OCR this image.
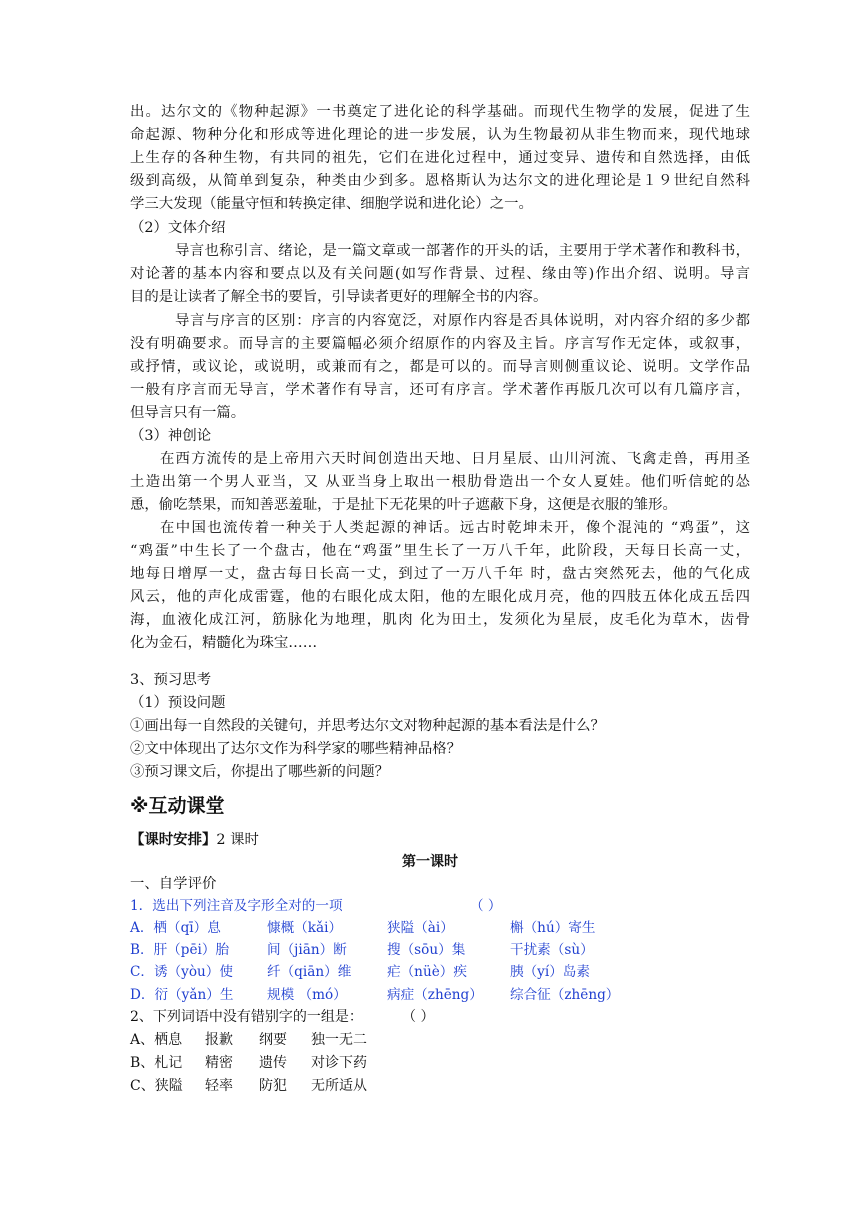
出。达尔文的《物种起源》一书奠定了进化论的科学基础。而现代生物学的发展，促进了生
命起源、物种分化和形成等进化理论的进一步发展，认为生物最初从非生物而来，现代地球
上生存的各种生物，有共同的祖先，它们在进化过程中，通过变异、遗传和自然选择，由低
级到高级，从简单到复杂，种类由少到多。恩格斯认为达尔文的进化理论是１９世纪自然科
学三大发现（能量守恒和转换定律、细胞学说和进化论）之一。
（2）文体介绍
导言也称引言、绪论，是一篇文章或一部著作的开头的话，主要用于学术著作和教科书，
对论著的基本内容和要点以及有关问题(如写作背景、过程、缘由等)作出介绍、说明。导言
目的是让读者了解全书的要旨，引导读者更好的理解全书的内容。
导言与序言的区别：序言的内容宽泛，对原作内容是否具体说明，对内容介绍的多少都
没有明确要求。而导言的主要篇幅必须介绍原作的内容及主旨。序言写作无定体，或叙事，
或抒情，或议论，或说明，或兼而有之，都是可以的。而导言则侧重议论、说明。文学作品
一般有序言而无导言，学术著作有导言，还可有序言。学术著作再版几次可以有几篇序言，
但导言只有一篇。
（3）神创论
在西方流传的是上帝用六天时间创造出天地、日月星辰、山川河流、飞禽走兽，再用圣
土造出第一个男人亚当，又 从亚当身上取出一根肋骨造出一个女人夏娃。他们听信蛇的怂
恿，偷吃禁果，而知善恶羞耻，于是扯下无花果的叶子遮蔽下身，这便是衣服的雏形。
在中国也流传着一种关于人类起源的神话。远古时乾坤未开，像个混沌的 “鸡蛋”，这
“鸡蛋”中生长了一个盘古，他在“鸡蛋”里生长了一万八千年，此阶段，天每日长高一丈，
地每日增厚一丈，盘古每日长高一丈，到过了一万八千年 时，盘古突然死去，他的气化成
风云，他的声化成雷霆，他的右眼化成太阳，他的左眼化成月亮，他的四肢五体化成五岳四
海，血液化成江河，筋脉化为地理，肌肉 化为田土，发须化为星辰，皮毛化为草木，齿骨
化为金石，精髓化为珠宝……
3、预习思考
（1）预设问题
①画出每一自然段的关键句，并思考达尔文对物种起源的基本看法是什么？
②文中体现出了达尔文作为科学家的哪些精神品格？
③预习课文后，你提出了哪些新的问题？
※互动课堂
【课时安排】2 课时
第一课时
一、自学评价
1．选出下列注音及字形全对的一项	（ ）
A．栖（qī）息	慷概（kǎi）	狭隘（ài）	槲（hú）寄生
B．肝（pēi）胎	间（jiān）断	搜（sōu）集	干扰素（sù）
C．诱（yòu）使	纤（qiān）维	疟（nüè）疾	胰（yí）岛素
D．衍（yǎn）生 规模 （mó）	病症（zhēng） 综合征（zhēng）
2、下列词语中没有错别字的一组是：	（ ）
A、栖息 报歉 纲要 独一无二
B、札记 精密 遗传 对诊下药
C、狭隘 轻率 防犯 无所适从
